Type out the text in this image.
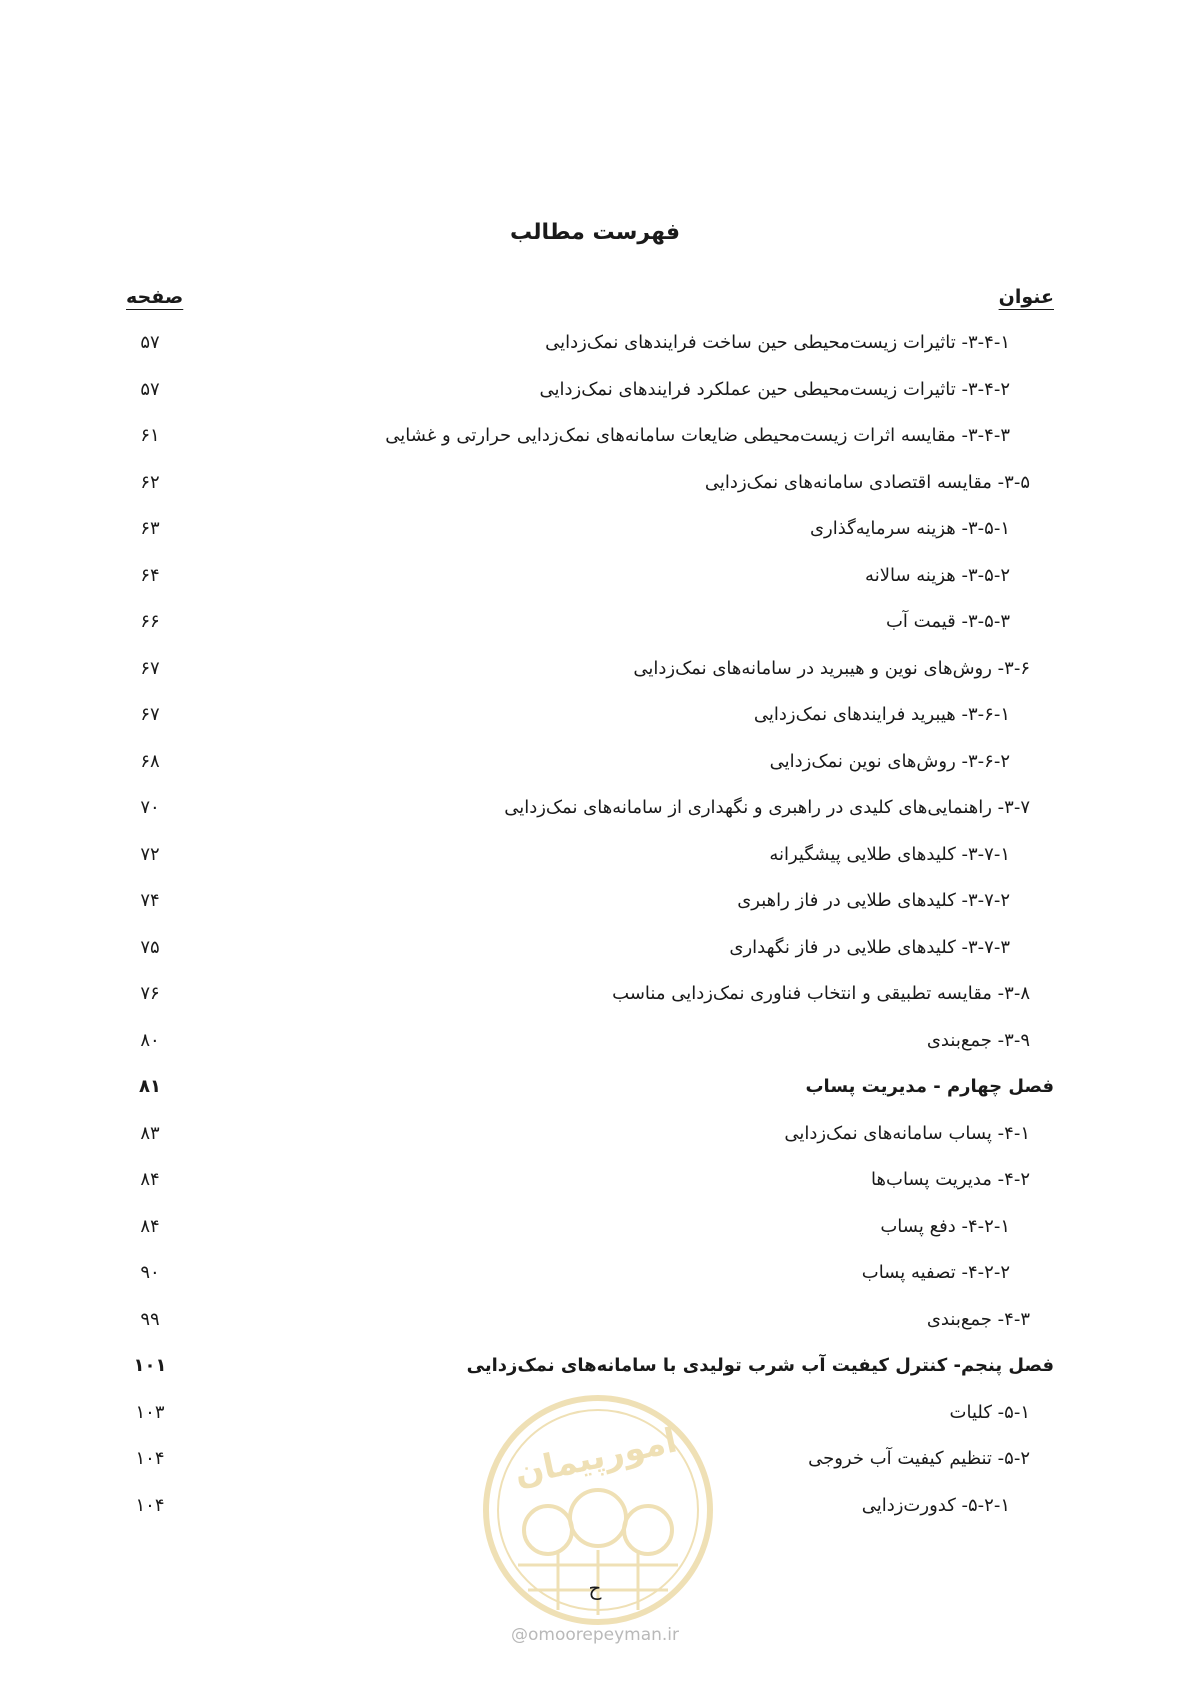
فهرست مطالب
عنوان
صفحه
۳-۴-۱- تاثیرات زیست‌محیطی حین ساخت فرایندهای نمک‌زدایی
۵۷
۳-۴-۲- تاثیرات زیست‌محیطی حین عملکرد فرایندهای نمک‌زدایی
۵۷
۳-۴-۳- مقایسه اثرات زیست‌محیطی ضایعات سامانه‌های نمک‌زدایی حرارتی و غشایی
۶۱
۳-۵- مقایسه اقتصادی سامانه‌های نمک‌زدایی
۶۲
۳-۵-۱- هزینه سرمایه‌گذاری
۶۳
۳-۵-۲- هزینه سالانه
۶۴
۳-۵-۳- قیمت آب
۶۶
۳-۶- روش‌های نوین و هیبرید در سامانه‌های نمک‌زدایی
۶۷
۳-۶-۱- هیبرید فرایندهای نمک‌زدایی
۶۷
۳-۶-۲- روش‌های نوین نمک‌زدایی
۶۸
۳-۷- راهنمایی‌های کلیدی در راهبری و نگهداری از سامانه‌های نمک‌زدایی
۷۰
۳-۷-۱- کلیدهای طلایی پیشگیرانه
۷۲
۳-۷-۲- کلیدهای طلایی در فاز راهبری
۷۴
۳-۷-۳- کلیدهای طلایی در فاز نگهداری
۷۵
۳-۸- مقایسه تطبیقی و انتخاب فناوری نمک‌زدایی مناسب
۷۶
۳-۹- جمع‌بندی
۸۰
فصل چهارم - مدیریت پساب
۸۱
۴-۱- پساب سامانه‌های نمک‌زدایی
۸۳
۴-۲- مدیریت پساب‌ها
۸۴
۴-۲-۱- دفع پساب
۸۴
۴-۲-۲- تصفیه پساب
۹۰
۴-۳- جمع‌بندی
۹۹
فصل پنجم- کنترل کیفیت آب شرب تولیدی با سامانه‌های نمک‌زدایی
۱۰۱
۵-۱- کلیات
۱۰۳
۵-۲- تنظیم کیفیت آب خروجی
۱۰۴
۵-۲-۱- کدورت‌زدایی
۱۰۴
امورپیمان
ح
@omoorepeyman.ir
